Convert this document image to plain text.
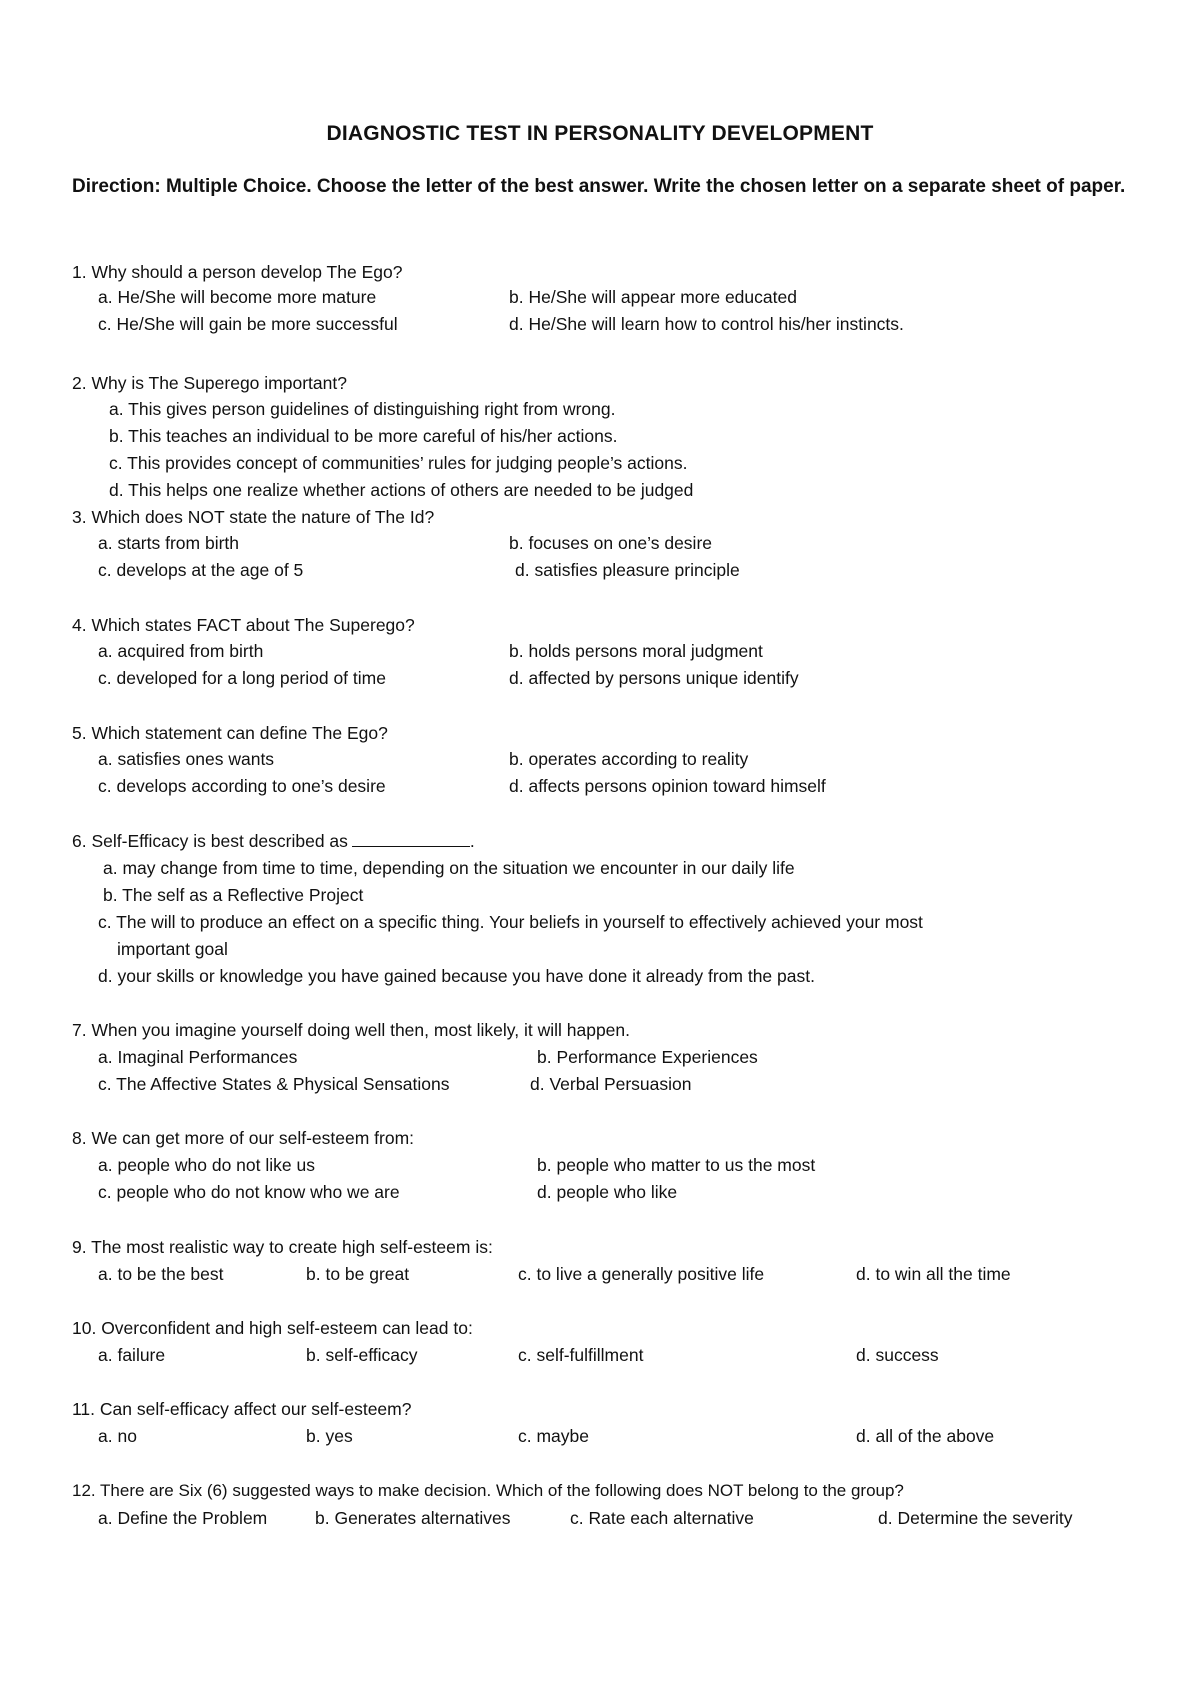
DIAGNOSTIC TEST IN PERSONALITY DEVELOPMENT
Direction: Multiple Choice. Choose the letter of the best answer. Write the chosen letter on a separate sheet of paper.
1. Why should a person develop The Ego?
a. He/She will become more mature	b. He/She will appear more educated
c. He/She will gain be more successful	d. He/She will learn how to control his/her instincts.
2. Why is The Superego important?
a. This gives person guidelines of distinguishing right from wrong.
b. This teaches an individual to be more careful of his/her actions.
c. This provides concept of communities’ rules for judging people’s actions.
d. This helps one realize whether actions of others are needed to be judged
3. Which does NOT state the nature of The Id?
a. starts from birth	b. focuses on one’s desire
c. develops at the age of 5	d. satisfies pleasure principle
4. Which states FACT about The Superego?
a. acquired from birth	b. holds persons moral judgment
c. developed for a long period of time	d. affected by persons unique identify
5. Which statement can define The Ego?
a. satisfies ones wants	b. operates according to reality
c. develops according to one’s desire	d. affects persons opinion toward himself
6. Self-Efficacy is best described as	.
a. may change from time to time, depending on the situation we encounter in our daily life
b. The self as a Reflective Project
c. The will to produce an effect on a specific thing. Your beliefs in yourself to effectively achieved your most
important goal
d. your skills or knowledge you have gained because you have done it already from the past.
7. When you imagine yourself doing well then, most likely, it will happen.
a. Imaginal Performances	b. Performance Experiences
c. The Affective States & Physical Sensations	d. Verbal Persuasion
8. We can get more of our self-esteem from:
a. people who do not like us	b. people who matter to us the most
c. people who do not know who we are	d. people who like
9. The most realistic way to create high self-esteem is:
a. to be the best	b. to be great	c. to live a generally positive life	d. to win all the time
10. Overconfident and high self-esteem can lead to:
a. failure	b. self-efficacy	c. self-fulfillment	d. success
11. Can self-efficacy affect our self-esteem?
a. no	b. yes	c. maybe	d. all of the above
12. There are Six (6) suggested ways to make decision. Which of the following does NOT belong to the group?
a. Define the Problem	b. Generates alternatives	c. Rate each alternative	d. Determine the severity
